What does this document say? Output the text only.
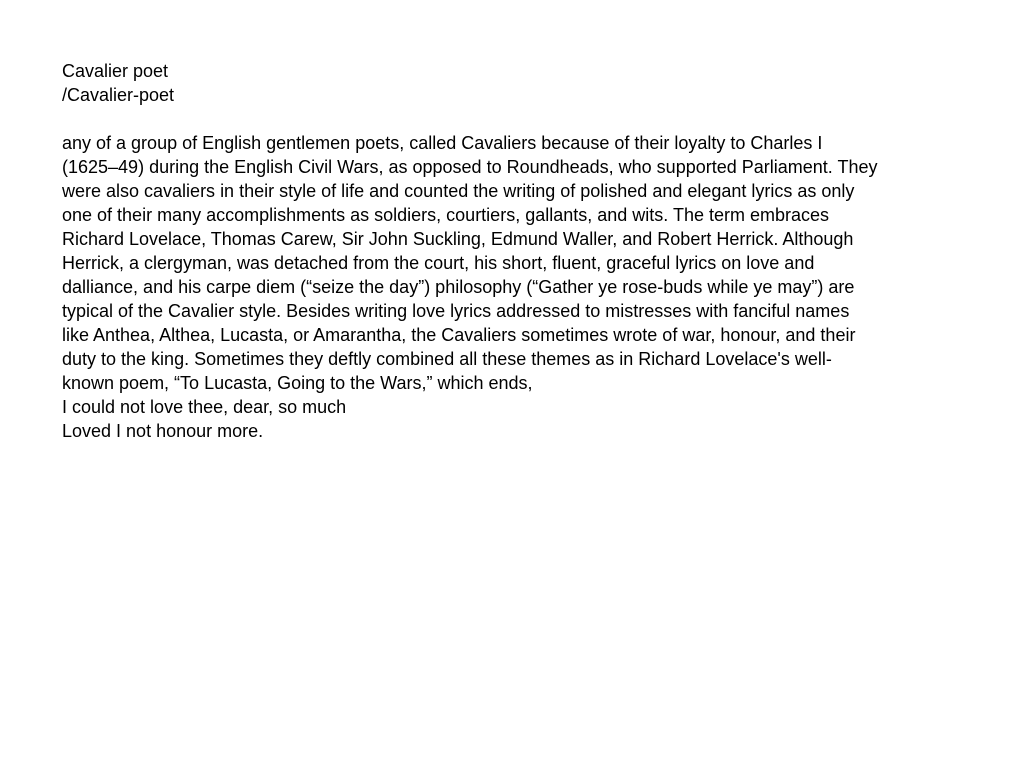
Cavalier poet
/Cavalier-poet
any of a group of English gentlemen poets, called Cavaliers because of their loyalty to Charles I
(1625–49) during the English Civil Wars, as opposed to Roundheads, who supported Parliament. They
were also cavaliers in their style of life and counted the writing of polished and elegant lyrics as only
one of their many accomplishments as soldiers, courtiers, gallants, and wits. The term embraces
Richard Lovelace, Thomas Carew, Sir John Suckling, Edmund Waller, and Robert Herrick. Although
Herrick, a clergyman, was detached from the court, his short, fluent, graceful lyrics on love and
dalliance, and his carpe diem (“seize the day”) philosophy (“Gather ye rose-buds while ye may”) are
typical of the Cavalier style. Besides writing love lyrics addressed to mistresses with fanciful names
like Anthea, Althea, Lucasta, or Amarantha, the Cavaliers sometimes wrote of war, honour, and their
duty to the king. Sometimes they deftly combined all these themes as in Richard Lovelace's well-
known poem, “To Lucasta, Going to the Wars,” which ends,
I could not love thee, dear, so much
Loved I not honour more.
